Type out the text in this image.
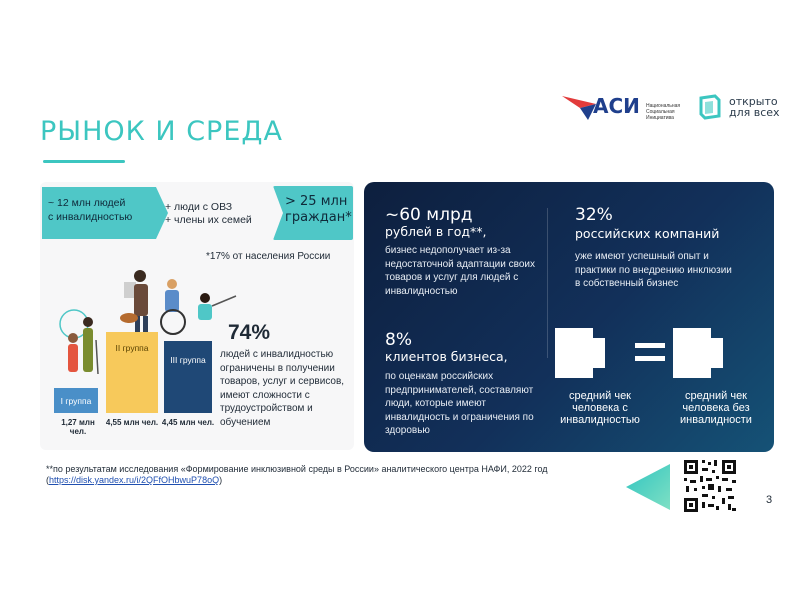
РЫНОК И СРЕДА
АСИ Национальная
Социальная
Инициатива
открыто
для всех
~ 12 млн людей
с инвалидностью
+ люди с ОВЗ
+ члены их семей
> 25 млн
граждан*
*17% от населения России
I группа
II группа
III группа
1,27 млн чел.
4,55 млн чел. 4,45 млн чел.
74%
людей с инвалидностью ограничены в получении товаров, услуг и сервисов, имеют сложности с трудоустройством и обучением
~60 млрд
рублей в год**,
бизнес недополучает из-за недостаточной адаптации своих товаров и услуг для людей с инвалидностью
32%
российских компаний
уже имеют успешный опыт и практики по внедрению инклюзии в собственный бизнес
8%
клиентов бизнеса,
по оценкам российских предпринимателей, составляют люди, которые имеют инвалидность и ограничения по здоровью
средний чек человека с инвалидностью
средний чек человека без инвалидности
**по результатам исследования «Формирование инклюзивной среды в России» аналитического центра НАФИ, 2022 год
(https://disk.yandex.ru/i/2QFfOHbwuP78oQ)
3
